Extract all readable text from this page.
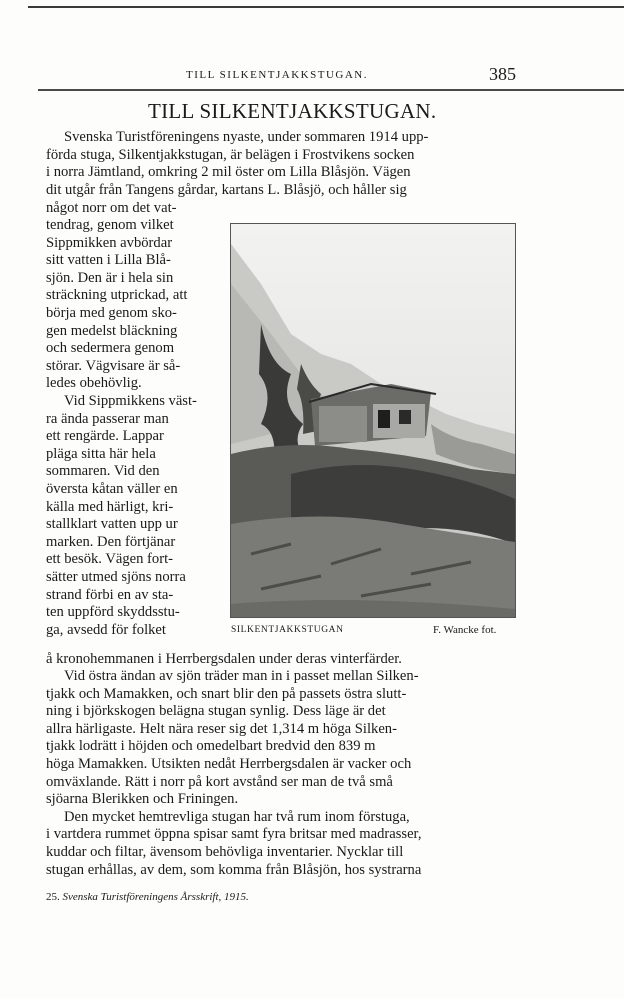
TILL SILKENTJAKKSTUGAN.	385
TILL SILKENTJAKKSTUGAN.
Svenska Turistföreningens nyaste, under sommaren 1914 upp-
förda stuga, Silkentjakkstugan, är belägen i Frostvikens socken
i norra Jämtland, omkring 2 mil öster om Lilla Blåsjön. Vägen
dit utgår från Tangens gårdar, kartans L. Blåsjö, och håller sig
något norr om det vat-
tendrag, genom vilket
Sippmikken avbördar
sitt vatten i Lilla Blå-
sjön. Den är i hela sin
sträckning utprickad, att
börja med genom sko-
gen medelst bläckning
och sedermera genom
störar. Vägvisare är så-
ledes obehövlig.
Vid Sippmikkens väst-
ra ända passerar man
ett rengärde. Lappar
pläga sitta här hela
sommaren. Vid den
översta kåtan väller en
källa med härligt, kri-
stallklart vatten upp ur
marken. Den förtjänar
ett besök. Vägen fort-
sätter utmed sjöns norra
strand förbi en av sta-
ten uppförd skyddsstu-
ga, avsedd för folket	SILKENTJAKKSTUGAN	F. Wancke fot.
å kronohemmanen i Herrbergsdalen under deras vinterfärder.
Vid östra ändan av sjön träder man in i passet mellan Silken-
tjakk och Mamakken, och snart blir den på passets östra slutt-
ning i björkskogen belägna stugan synlig. Dess läge är det
allra härligaste. Helt nära reser sig det 1,314 m höga Silken-
tjakk lodrätt i höjden och omedelbart bredvid den 839 m
höga Mamakken. Utsikten nedåt Herrbergsdalen är vacker och
omväxlande. Rätt i norr på kort avstånd ser man de två små
sjöarna Blerikken och Friningen.
Den mycket hemtrevliga stugan har två rum inom förstuga,
i vartdera rummet öppna spisar samt fyra britsar med madrasser,
kuddar och filtar, ävensom behövliga inventarier. Nycklar till
stugan erhållas, av dem, som komma från Blåsjön, hos systrarna
25. Svenska Turistföreningens Årsskrift, 1915.
